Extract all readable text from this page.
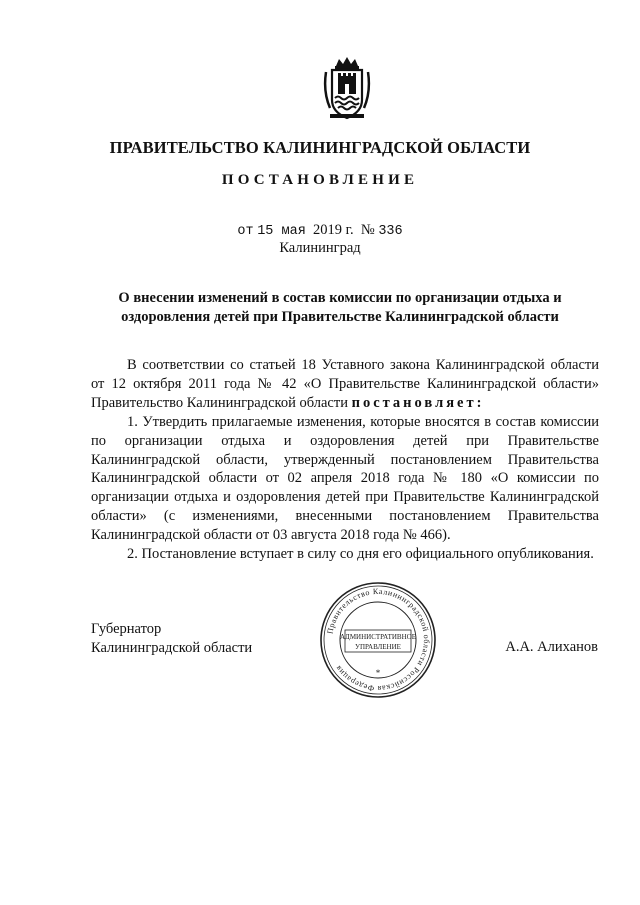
ПРАВИТЕЛЬСТВО КАЛИНИНГРАДСКОЙ ОБЛАСТИ
ПОСТАНОВЛЕНИЕ
от 15 мая 2019 г. № 336
Калининград
О внесении изменений в состав комиссии по организации отдыха и оздоровления детей при Правительстве Калининградской области

В соответствии со статьей 18 Уставного закона Калининградской области от 12 октября 2011 года № 42 «О Правительстве Калининградской области» Правительство Калининградской области постановляет:

1. Утвердить прилагаемые изменения, которые вносятся в состав комиссии по организации отдыха и оздоровления детей при Правительстве Калининградской области, утвержденный постановлением Правительства Калининградской области от 02 апреля 2018 года № 180 «О комиссии по организации отдыха и оздоровления детей при Правительстве Калининградской области» (с изменениями, внесенными постановлением Правительства Калининградской области от 03 августа 2018 года № 466).

2. Постановление вступает в силу со дня его официального опубликования.

Губернатор
Калининградской области
Правительство Калининградской области Российская Федерация
АДМИНИСТРАТИВНОЕ
УПРАВЛЕНИЕ
*
А.А. Алиханов
